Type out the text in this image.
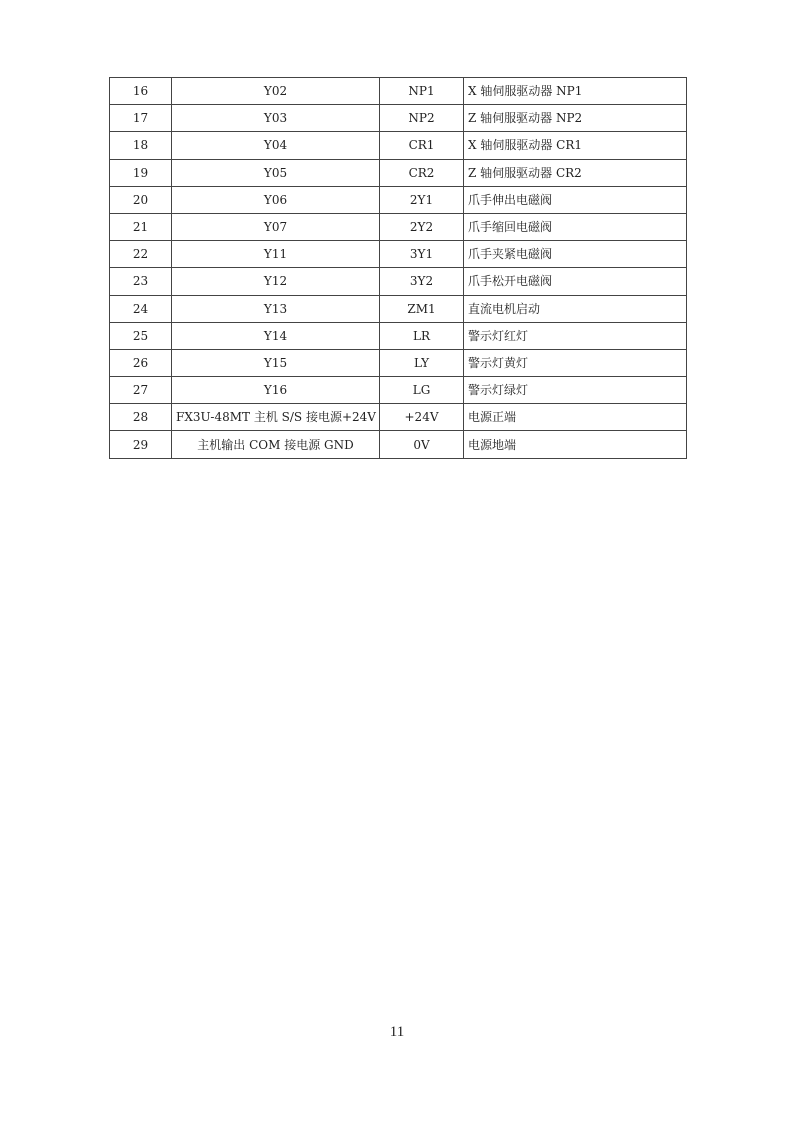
16	Y02	NP1	X 轴伺服驱动器 NP1
17	Y03	NP2	Z 轴伺服驱动器 NP2
18	Y04	CR1	X 轴伺服驱动器 CR1
19	Y05	CR2	Z 轴伺服驱动器 CR2
20	Y06	2Y1	爪手伸出电磁阀
21	Y07	2Y2	爪手缩回电磁阀
22	Y11	3Y1	爪手夹紧电磁阀
23	Y12	3Y2	爪手松开电磁阀
24	Y13	ZM1	直流电机启动
25	Y14	LR	警示灯红灯
26	Y15	LY	警示灯黄灯
27	Y16	LG	警示灯绿灯
28	FX3U-48MT 主机 S/S 接电源+24V	+24V	电源正端
29	主机输出 COM 接电源 GND	0V	电源地端
11
